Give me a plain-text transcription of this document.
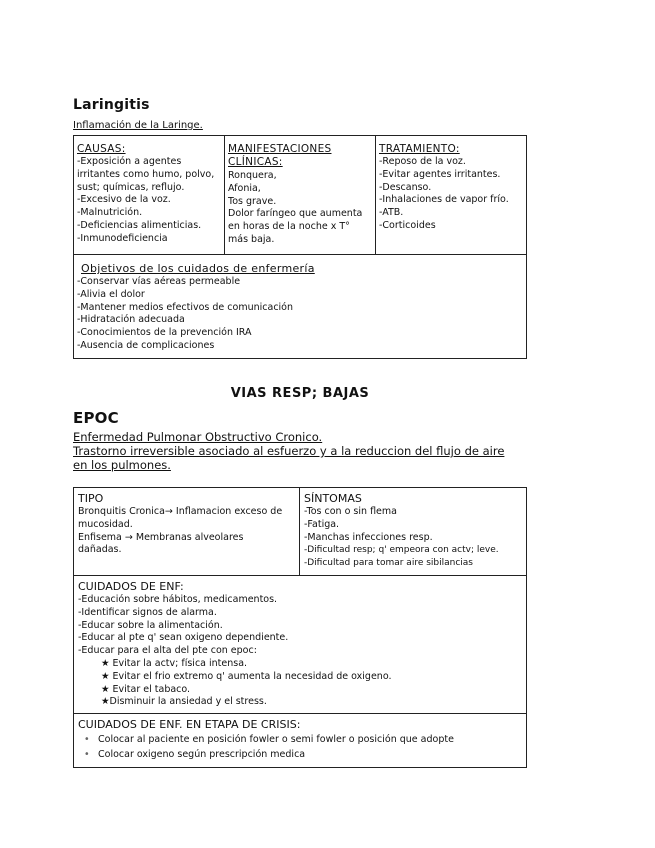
Laringitis
Inflamación de la Laringe.
CAUSAS:
-Exposición a agentes
irritantes como humo, polvo,
sust; químicas, reflujo.
-Excesivo de la voz.
-Malnutrición.
-Deficiencias alimenticias.
-Inmunodeficiencia
MANIFESTACIONES
CLÍNICAS:
Ronquera,
Afonia,
Tos grave.
Dolor faríngeo que aumenta
en horas de la noche x T°
más baja.
TRATAMIENTO:
-Reposo de la voz.
-Evitar agentes irritantes.
-Descanso.
-Inhalaciones de vapor frío.
-ATB.
-Corticoides
Objetivos de los cuidados de enfermería
-Conservar vías aéreas permeable
-Alivia el dolor
-Mantener medios efectivos de comunicación
-Hidratación adecuada
-Conocimientos de la prevención IRA
-Ausencia de complicaciones
VIAS RESP; BAJAS
EPOC
Enfermedad Pulmonar Obstructivo Cronico.
Trastorno irreversible asociado al esfuerzo y a la reduccion del flujo de aire
en los pulmones.
TIPO
Bronquitis Cronica→ Inflamacion exceso de
mucosidad.
Enfisema → Membranas alveolares
dañadas.
SÍNTOMAS
-Tos con o sin flema
-Fatiga.
-Manchas infecciones resp.
-Dificultad resp; q' empeora con actv; leve.
-Dificultad para tomar aire sibilancias
CUIDADOS DE ENF:
-Educación sobre hábitos, medicamentos.
-Identificar signos de alarma.
-Educar sobre la alimentación.
-Educar al pte q' sean oxigeno dependiente.
-Educar para el alta del pte con epoc:
★ Evitar la actv; física intensa.
★ Evitar el frio extremo q' aumenta la necesidad de oxigeno.
★ Evitar el tabaco.
★Disminuir la ansiedad y el stress.
CUIDADOS DE ENF. EN ETAPA DE CRISIS:
• Colocar al paciente en posición fowler o semi fowler o posición que adopte
• Colocar oxigeno según prescripción medica
